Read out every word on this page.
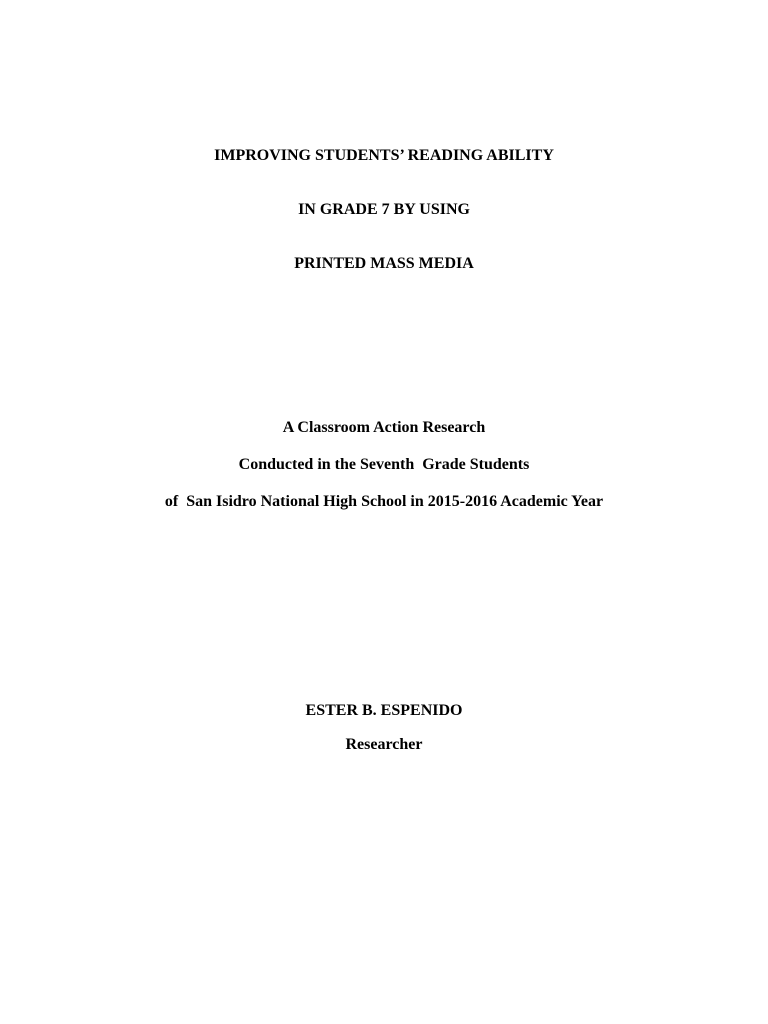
IMPROVING STUDENTS’ READING ABILITY
IN GRADE 7 BY USING
PRINTED MASS MEDIA
A Classroom Action Research
Conducted in the Seventh  Grade Students
of  San Isidro National High School in 2015-2016 Academic Year
ESTER B. ESPENIDO
Researcher
